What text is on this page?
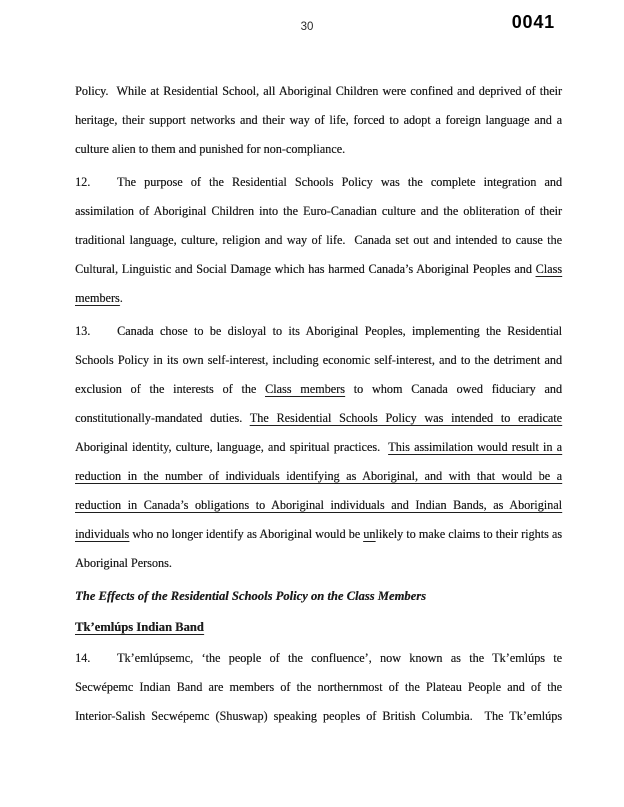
30	0041

Policy.  While at Residential School, all Aboriginal Children were confined and deprived of their heritage, their support networks and their way of life, forced to adopt a foreign language and a culture alien to them and punished for non-compliance.

12. The purpose of the Residential Schools Policy was the complete integration and assimilation of Aboriginal Children into the Euro-Canadian culture and the obliteration of their traditional language, culture, religion and way of life.  Canada set out and intended to cause the Cultural, Linguistic and Social Damage which has harmed Canada’s Aboriginal Peoples and Class members.

13. Canada chose to be disloyal to its Aboriginal Peoples, implementing the Residential Schools Policy in its own self-interest, including economic self-interest, and to the detriment and exclusion of the interests of the Class members to whom Canada owed fiduciary and constitutionally-mandated duties. The Residential Schools Policy was intended to eradicate Aboriginal identity, culture, language, and spiritual practices.  This assimilation would result in a reduction in the number of individuals identifying as Aboriginal, and with that would be a reduction in Canada’s obligations to Aboriginal individuals and Indian Bands, as Aboriginal individuals who no longer identify as Aboriginal would be unlikely to make claims to their rights as Aboriginal Persons.

The Effects of the Residential Schools Policy on the Class Members
Tk’emlúps Indian Band

14. Tk’emlúpsemc, ‘the people of the confluence’, now known as the Tk’emlúps te Secwépemc Indian Band are members of the northernmost of the Plateau People and of the Interior-Salish Secwépemc (Shuswap) speaking peoples of British Columbia.  The Tk’emlúps
